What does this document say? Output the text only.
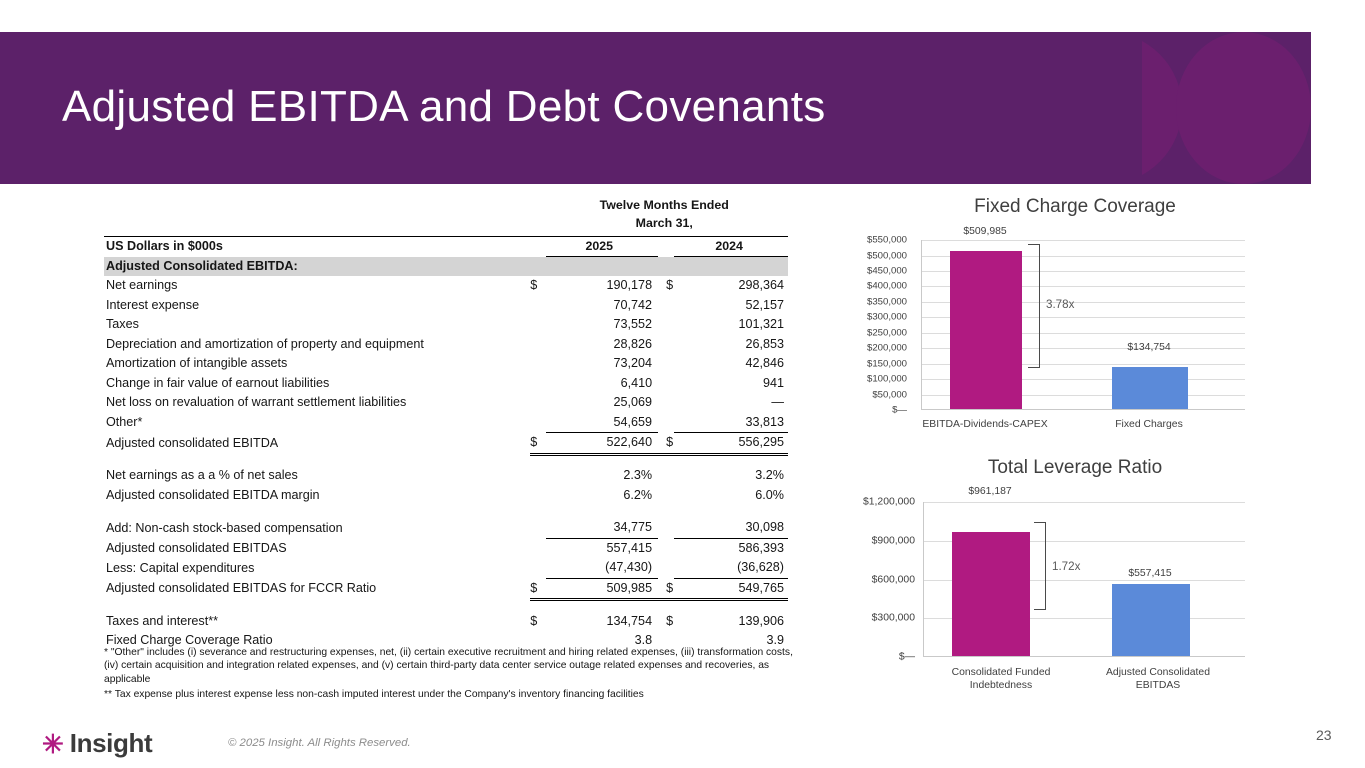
Adjusted EBITDA and Debt Covenants
		Twelve Months Ended
March 31,		

US Dollars in $000s		2025		2024
Adjusted Consolidated EBITDA:				
Net earnings	$	190,178	$	298,364
Interest expense		70,742		52,157
Taxes		73,552		101,321
Depreciation and amortization of property and equipment		28,826		26,853
Amortization of intangible assets		73,204		42,846
Change in fair value of earnout liabilities		6,410		941
Net loss on revaluation of warrant settlement liabilities		25,069		—
Other*		54,659		33,813
Adjusted consolidated EBITDA	$	522,640	$	556,295

Net earnings as a a % of net sales		2.3%		3.2%
Adjusted consolidated EBITDA margin		6.2%		6.0%

Add: Non-cash stock-based compensation		34,775		30,098
Adjusted consolidated EBITDAS		557,415		586,393
Less: Capital expenditures		(47,430)		(36,628)
Adjusted consolidated EBITDAS for FCCR Ratio	$	509,985	$	549,765

Taxes and interest**	$	134,754	$	139,906
Fixed Charge Coverage Ratio		3.8		3.9

* "Other" includes (i) severance and restructuring expenses, net, (ii) certain executive recruitment and hiring related expenses, (iii) transformation costs, (iv) certain acquisition and integration related expenses, and (v) certain third-party data center service outage related expenses and recoveries, as applicable

** Tax expense plus interest expense less non-cash imputed interest under the Company's inventory financing facilities

Fixed Charge Coverage
$550,000
$500,000
$450,000
$400,000
$350,000
$300,000
$250,000
$200,000
$150,000
$100,000
$50,000
$—
3.78x
$509,985
$134,754
EBITDA-Dividends-CAPEX	Fixed Charges
Total Leverage Ratio
$1,200,000
$900,000
$600,000
$300,000
$—
1.72x
$961,187
$557,415
Consolidated Funded Indebtedness
Adjusted Consolidated EBITDAS
✳ Insight	© 2025 Insight. All Rights Reserved.	23
